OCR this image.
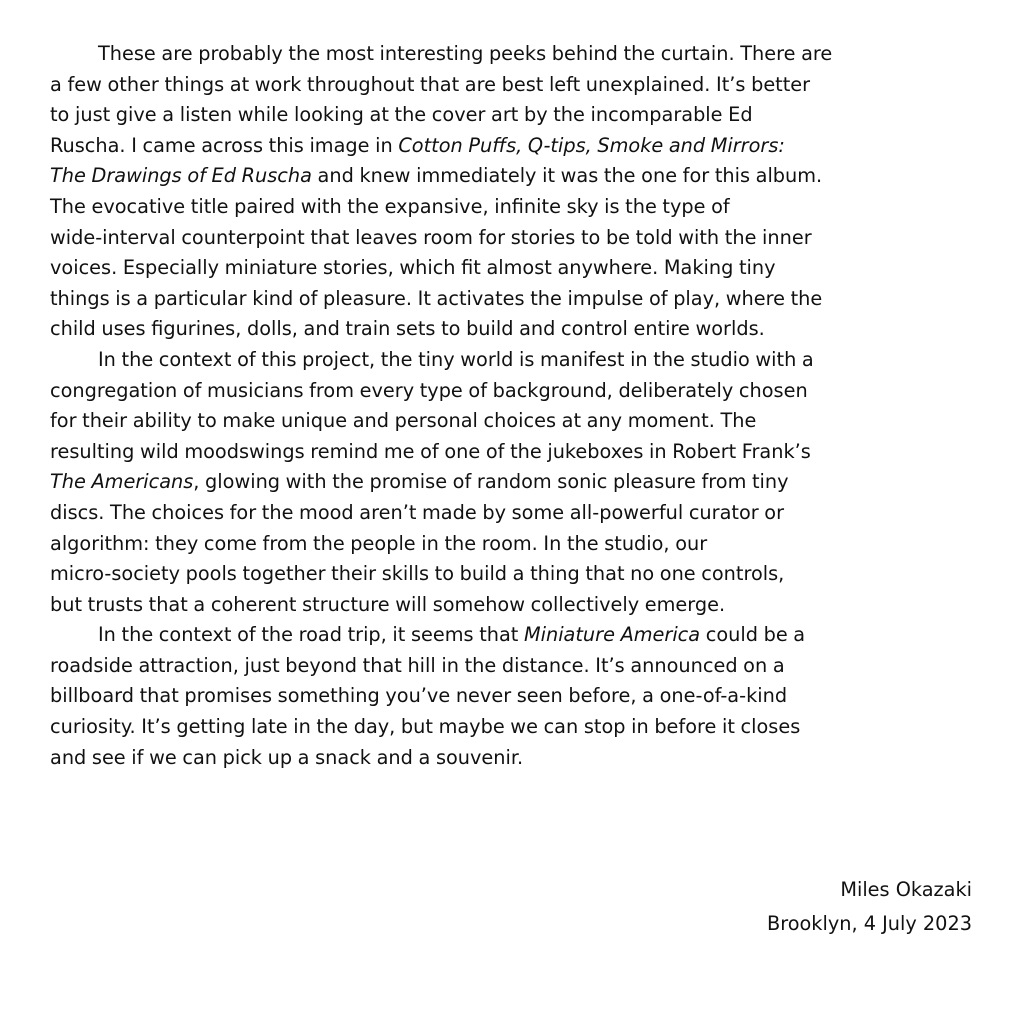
These are probably the most interesting peeks behind the curtain. There are
a few other things at work throughout that are best left unexplained. It’s better
to just give a listen while looking at the cover art by the incomparable Ed
Ruscha. I came across this image in Cotton Puffs, Q-tips, Smoke and Mirrors:
The Drawings of Ed Ruscha and knew immediately it was the one for this album.
The evocative title paired with the expansive, infinite sky is the type of
wide-interval counterpoint that leaves room for stories to be told with the inner
voices. Especially miniature stories, which fit almost anywhere. Making tiny
things is a particular kind of pleasure. It activates the impulse of play, where the
child uses figurines, dolls, and train sets to build and control entire worlds.
In the context of this project, the tiny world is manifest in the studio with a
congregation of musicians from every type of background, deliberately chosen
for their ability to make unique and personal choices at any moment. The
resulting wild moodswings remind me of one of the jukeboxes in Robert Frank’s
The Americans, glowing with the promise of random sonic pleasure from tiny
discs. The choices for the mood aren’t made by some all-powerful curator or
algorithm: they come from the people in the room. In the studio, our
micro-society pools together their skills to build a thing that no one controls,
but trusts that a coherent structure will somehow collectively emerge.
In the context of the road trip, it seems that Miniature America could be a
roadside attraction, just beyond that hill in the distance. It’s announced on a
billboard that promises something you’ve never seen before, a one-of-a-kind
curiosity. It’s getting late in the day, but maybe we can stop in before it closes
and see if we can pick up a snack and a souvenir.
Miles Okazaki
Brooklyn, 4 July 2023
